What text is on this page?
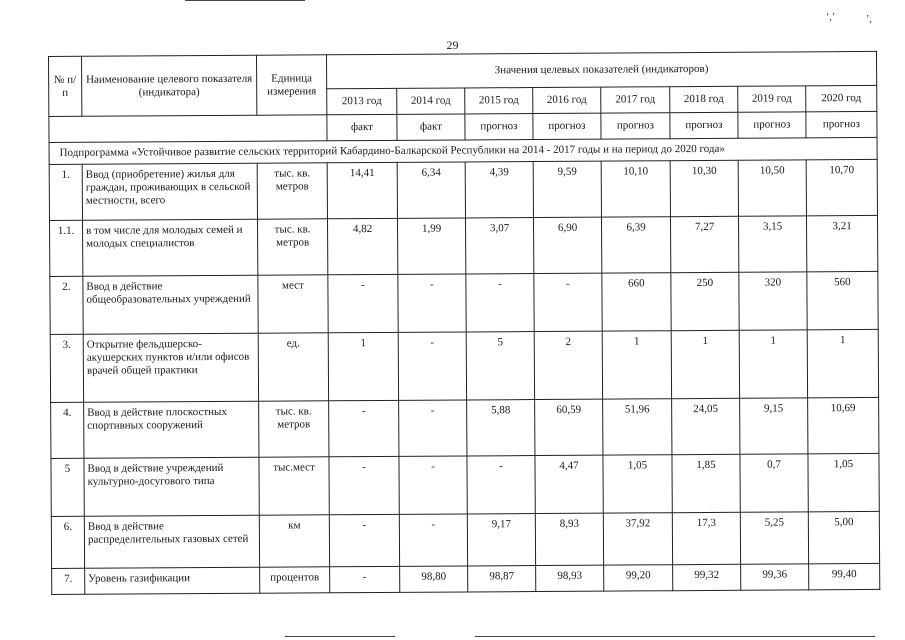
‘,’	’,
29
№ п/п	Наименование целевого показателя (индикатора)	Единица измерения	Значения целевых показателей (индикаторов)							
			2013 год	2014 год	2015 год	2016 год	2017 год	2018 год	2019 год	2020 год
			факт	факт	прогноз	прогноз	прогноз	прогноз	прогноз	прогноз
Подпрограмма «Устойчивое развитие сельских территорий Кабардино-Балкарской Республики на 2014 - 2017 годы и на период до 2020 года»										
1.	Ввод (приобретение) жилья для граждан, проживающих в сельской местности, всего	тыс. кв. метров	14,41	6,34	4,39	9,59	10,10	10,30	10,50	10,70
1.1.	в том числе для молодых семей и молодых специалистов	тыс. кв. метров	4,82	1,99	3,07	6,90	6,39	7,27	3,15	3,21
2.	Ввод в действие общеобразовательных учреждений	мест	-	-	-	-	660	250	320	560
3.	Открытие фельдшерско-акушерских пунктов и/или офисов врачей общей практики	ед.	1	-	5	2	1	1	1	1
4.	Ввод в действие плоскостных спортивных сооружений	тыс. кв. метров	-	-	5,88	60,59	51,96	24,05	9,15	10,69
5	Ввод в действие учреждений культурно-досугового типа	тыс.мест	-	-	-	4,47	1,05	1,85	0,7	1,05
6.	Ввод в действие распределительных газовых сетей	км	-	-	9,17	8,93	37,92	17,3	5,25	5,00
7.	Уровень газификации	процентов	-	98,80	98,87	98,93	99,20	99,32	99,36	99,40
